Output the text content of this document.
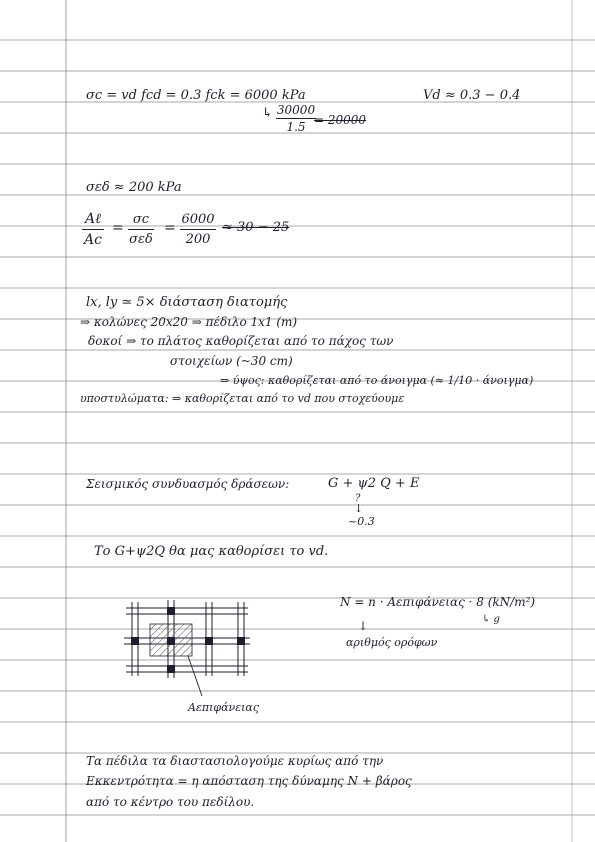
σc = vd fcd = 0.3 fck = 6000 kPa	Vd ≈ 0.3 − 0.4
↳ 30000
1.5 = 20000
σεδ ≈ 200 kPa
Aℓ
Ac
=
σc
σεδ
=
6000
200
≈ 30 − 25
lx, ly ≃ 5× διάσταση διατομής
⇒ κολώνες 20x20 ⇒ πέδιλο 1x1 (m)
δοκοί ⇒ το πλάτος καθορίζεται από το πάχος των
στοιχείων (~30 cm)
⇒ ύψος: καθορίζεται από το άνοιγμα (≈ 1/10 · άνοιγμα)
υποστυλώματα: ⇒ καθορίζεται από το vd που στοχεύουμε
Σεισμικός συνδυασμός δράσεων:	G + ψ2 Q + E
?
↓
~0.3
Το G+ψ2Q θα μας καθορίσει το vd.
N = n · Aεπιφάνειας · 8 (kN/m²)
↳ g
↓
αριθμός ορόφων
Aεπιφάνειας
Τα πέδιλα τα διαστασιολογούμε κυρίως από την
Εκκεντρότητα = η απόσταση της δύναμης N + βάρος
από το κέντρο του πεδίλου.
